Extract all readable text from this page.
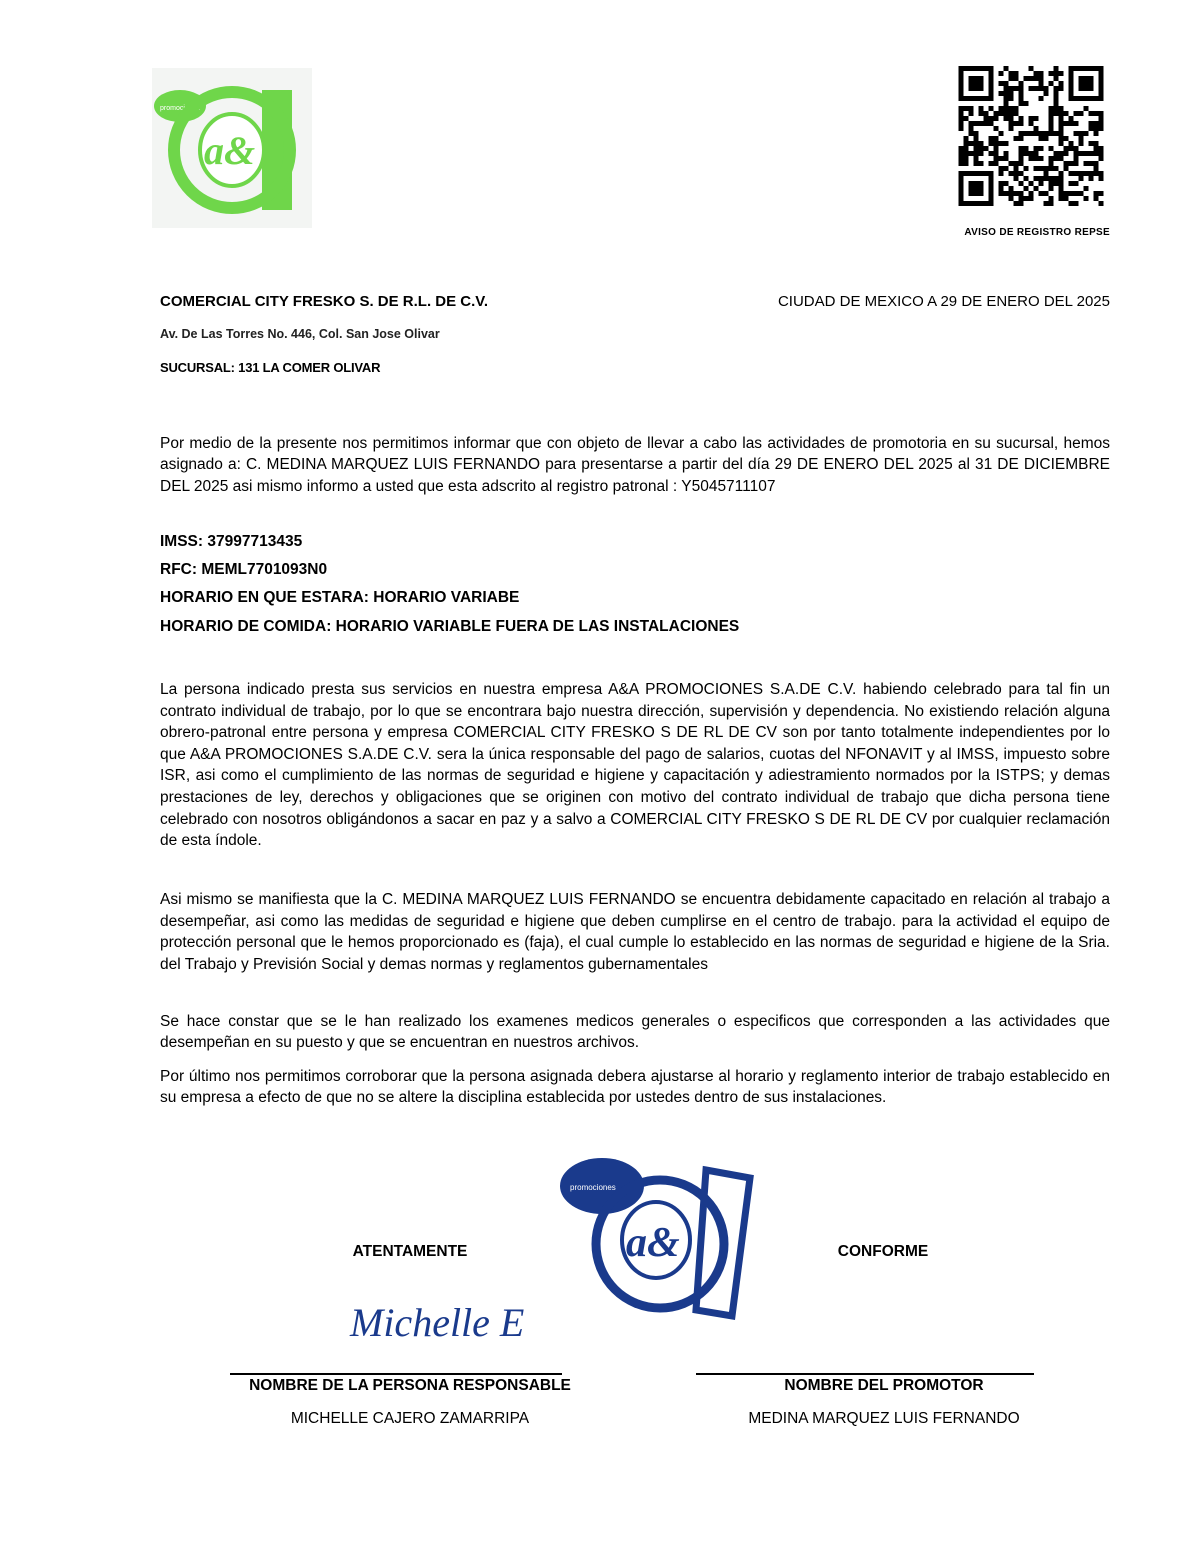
promociones
a&
AVISO DE REGISTRO REPSE
COMERCIAL CITY FRESKO S. DE R.L. DE C.V.	CIUDAD DE MEXICO A 29 DE ENERO DEL 2025
Av. De Las Torres No. 446, Col. San Jose Olivar
SUCURSAL: 131 LA COMER OLIVAR
Por medio de la presente nos permitimos informar que con objeto de llevar a cabo las actividades de promotoria en su sucursal, hemos asignado a: C. MEDINA MARQUEZ LUIS FERNANDO para presentarse a partir del día 29 DE ENERO DEL 2025 al 31 DE DICIEMBRE DEL 2025 asi mismo informo a usted que esta adscrito al registro patronal : Y5045711107
IMSS: 37997713435
RFC: MEML7701093N0
HORARIO EN QUE ESTARA: HORARIO VARIABE
HORARIO DE COMIDA: HORARIO VARIABLE FUERA DE LAS INSTALACIONES
La persona indicado presta sus servicios en nuestra empresa A&A PROMOCIONES S.A.DE C.V. habiendo celebrado para tal fin un contrato individual de trabajo, por lo que se encontrara bajo nuestra dirección, supervisión y dependencia. No existiendo relación alguna obrero-patronal entre persona y empresa COMERCIAL CITY FRESKO S DE RL DE CV son por tanto totalmente independientes por lo que A&A PROMOCIONES S.A.DE C.V. sera la única responsable del pago de salarios, cuotas del NFONAVIT y al IMSS, impuesto sobre ISR, asi como el cumplimiento de las normas de seguridad e higiene y capacitación y adiestramiento normados por la ISTPS; y demas prestaciones de ley, derechos y obligaciones que se originen con motivo del contrato individual de trabajo que dicha persona tiene celebrado con nosotros obligándonos a sacar en paz y a salvo a COMERCIAL CITY FRESKO S DE RL DE CV por cualquier reclamación de esta índole.
Asi mismo se manifiesta que la C. MEDINA MARQUEZ LUIS FERNANDO se encuentra debidamente capacitado en relación al trabajo a desempeñar, asi como las medidas de seguridad e higiene que deben cumplirse en el centro de trabajo. para la actividad el equipo de protección personal que le hemos proporcionado es (faja), el cual cumple lo establecido en las normas de seguridad e higiene de la Sria. del Trabajo y Previsión Social y demas normas y reglamentos gubernamentales
Se hace constar que se le han realizado los examenes medicos generales o especificos que corresponden a las actividades que desempeñan en su puesto y que se encuentran en nuestros archivos.
Por último nos permitimos corroborar que la persona asignada debera ajustarse al horario y reglamento interior de trabajo establecido en su empresa a efecto de que no se altere la disciplina establecida por ustedes dentro de sus instalaciones.
promociones
a&
ATENTAMENTE	CONFORME
Michelle E
NOMBRE DE LA PERSONA RESPONSABLE	NOMBRE DEL PROMOTOR
MICHELLE CAJERO ZAMARRIPA	MEDINA MARQUEZ LUIS FERNANDO
